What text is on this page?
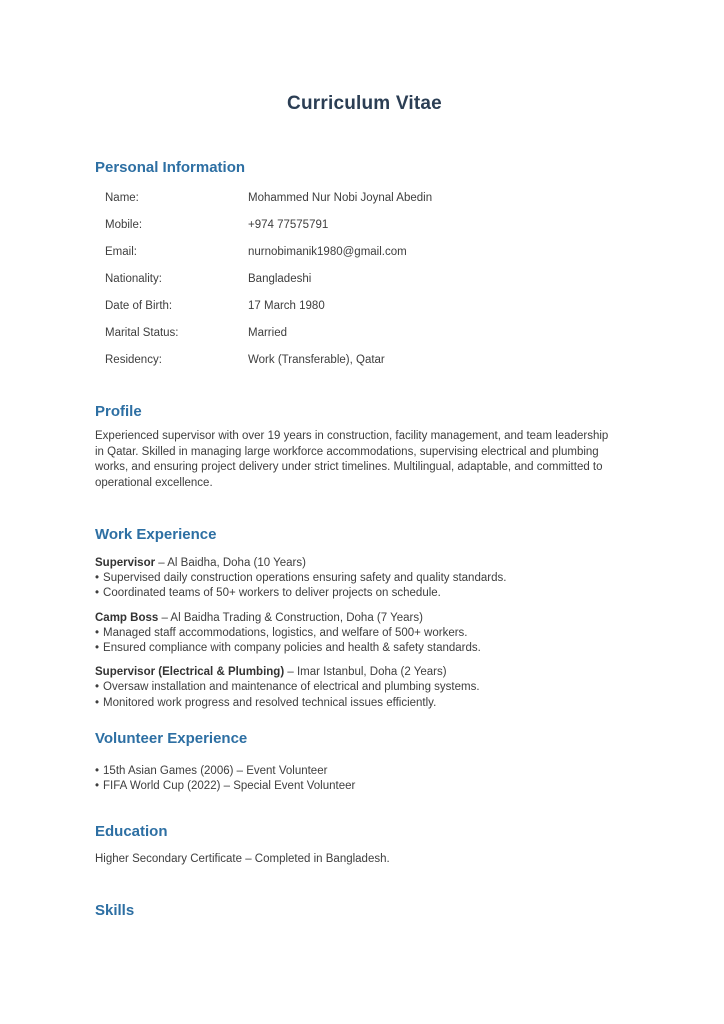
Curriculum Vitae
Personal Information
Name:	Mohammed Nur Nobi Joynal Abedin
Mobile:	+974 77575791
Email:	nurnobimanik1980@gmail.com
Nationality:	Bangladeshi
Date of Birth:	17 March 1980
Marital Status:	Married
Residency:	Work (Transferable), Qatar
Profile

Experienced supervisor with over 19 years in construction, facility management, and team leadership in Qatar. Skilled in managing large workforce accommodations, supervising electrical and plumbing works, and ensuring project delivery under strict timelines. Multilingual, adaptable, and committed to operational excellence.

Work Experience

Supervisor – Al Baidha, Doha (10 Years)

• Supervised daily construction operations ensuring safety and quality standards.

• Coordinated teams of 50+ workers to deliver projects on schedule.

Camp Boss – Al Baidha Trading & Construction, Doha (7 Years)

• Managed staff accommodations, logistics, and welfare of 500+ workers.

• Ensured compliance with company policies and health & safety standards.

Supervisor (Electrical & Plumbing) – Imar Istanbul, Doha (2 Years)

• Oversaw installation and maintenance of electrical and plumbing systems.

• Monitored work progress and resolved technical issues efficiently.

Volunteer Experience

• 15th Asian Games (2006) – Event Volunteer

• FIFA World Cup (2022) – Special Event Volunteer

Education

Higher Secondary Certificate – Completed in Bangladesh.

Skills
